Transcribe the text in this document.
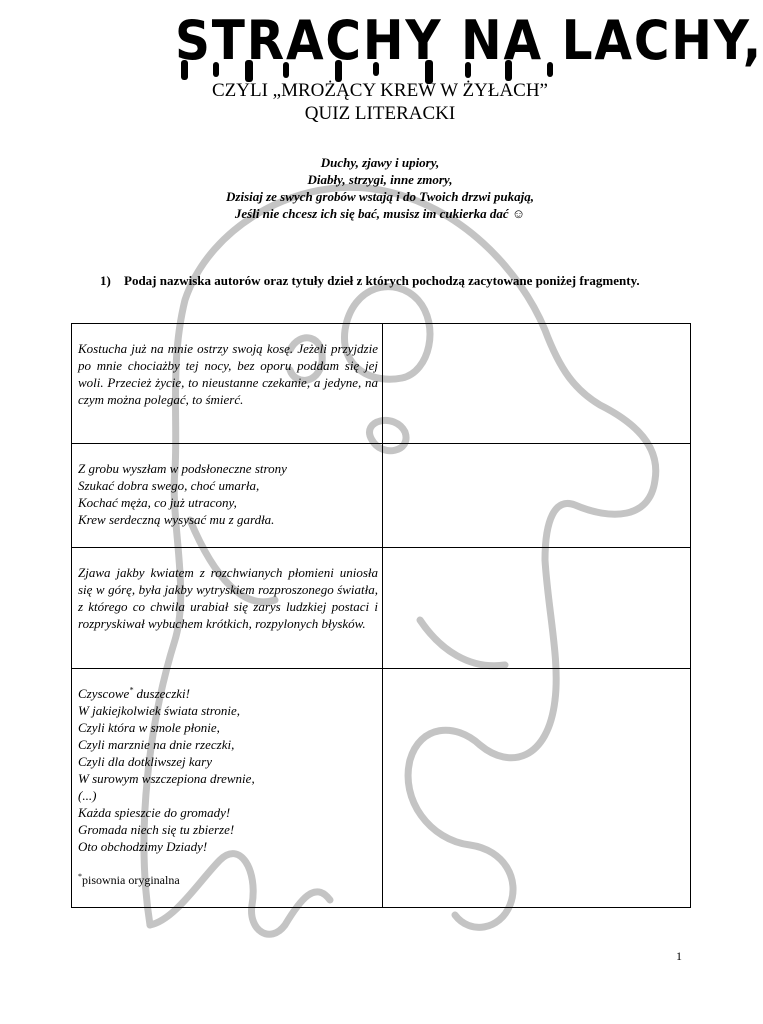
STRACHY NA LACHY,
CZYLI „MROŻĄCY KREW W ŻYŁACH”
QUIZ LITERACKI
Duchy, zjawy i upiory,
Diabły, strzygi, inne zmory,
Dzisiaj ze swych grobów wstają i do Twoich drzwi pukają,
Jeśli nie chcesz ich się bać, musisz im cukierka dać ☺
1) Podaj nazwiska autorów oraz tytuły dzieł z których pochodzą zacytowane poniżej fragmenty.
Kostucha już na mnie ostrzy swoją kosę. Jeżeli przyjdzie po mnie chociażby tej nocy, bez oporu poddam się jej woli. Przecież życie, to nieustanne czekanie, a jedyne, na czym można polegać, to śmierć.
Z grobu wyszłam w podsłoneczne strony
Szukać dobra swego, choć umarła,
Kochać męża, co już utracony,
Krew serdeczną wysysać mu z gardła.
Zjawa jakby kwiatem z rozchwianych płomieni uniosła się w górę, była jakby wytryskiem rozproszonego światła, z którego co chwila urabiał się zarys ludzkiej postaci i rozpryskiwał wybuchem krótkich, rozpylonych błysków.
Czyscowe* duszeczki!
W jakiejkolwiek świata stronie,
Czyli która w smole płonie,
Czyli marznie na dnie rzeczki,
Czyli dla dotkliwszej kary
W surowym wszczepiona drewnie,
(...)
Każda spieszcie do gromady!
Gromada niech się tu zbierze!
Oto obchodzimy Dziady!
*pisownia oryginalna
1
